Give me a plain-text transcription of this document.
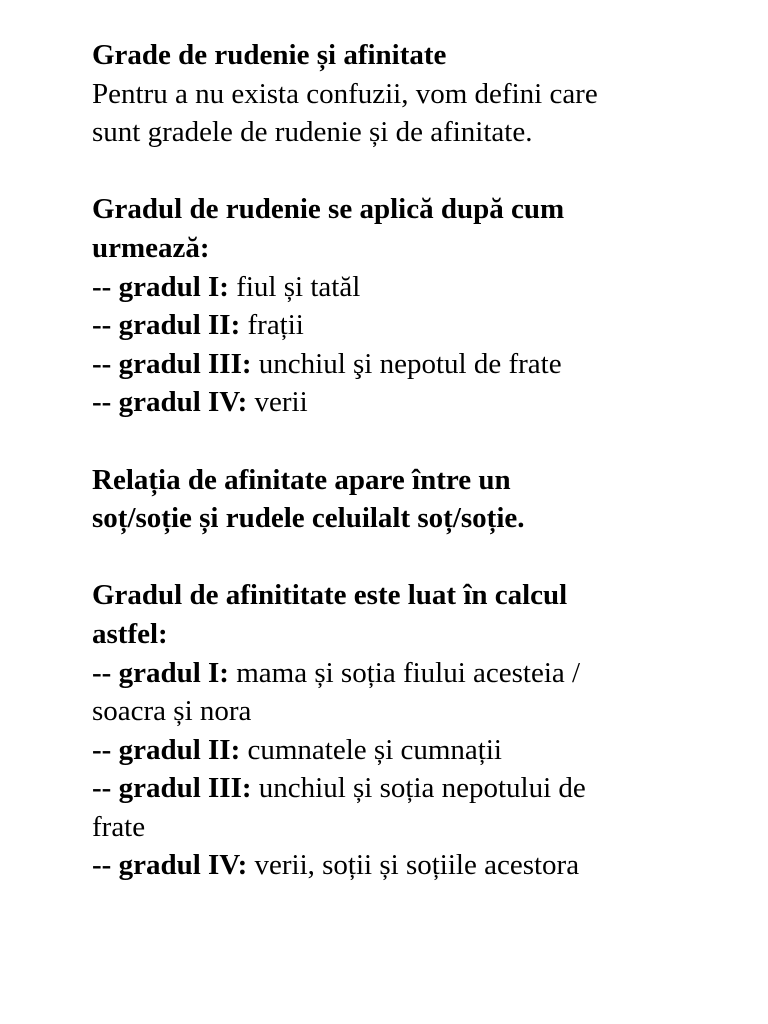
Grade de rudenie și afinitate
Pentru a nu exista confuzii, vom defini care
sunt gradele de rudenie și de afinitate.
Gradul de rudenie se aplică după cum
urmează:
-- gradul I: fiul și tatăl
-- gradul II: frații
-- gradul III: unchiul şi nepotul de frate
-- gradul IV: verii
Relația de afinitate apare între un
soț/soție și rudele celuilalt soț/soție.
Gradul de afinititate este luat în calcul
astfel:
-- gradul I: mama și soția fiului acesteia /
soacra și nora
-- gradul II: cumnatele și cumnații
-- gradul III: unchiul și soția nepotului de
frate
-- gradul IV: verii, soții și soțiile acestora
